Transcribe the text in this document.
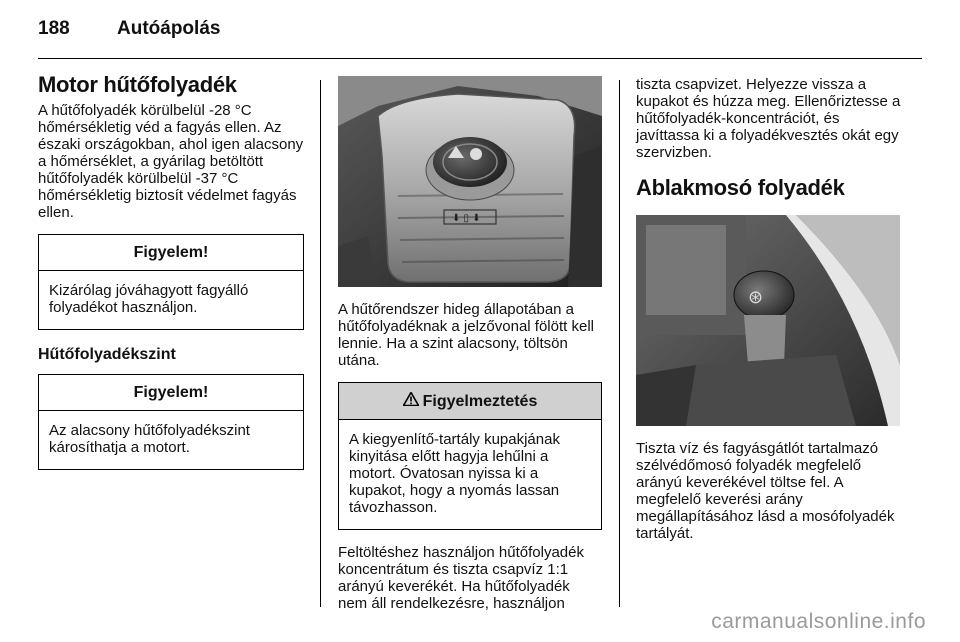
188 Autóápolás
Motor hűtőfolyadék

A hűtőfolyadék körülbelül -28 °C hőmérsékletig véd a fagyás ellen. Az északi országokban, ahol igen alacsony a hőmérséklet, a gyárilag betöltött hűtőfolyadék körülbelül -37 °C hőmérsékletig biztosít védelmet fagyás ellen.

Figyelem!
Kizárólag jóváhagyott fagyálló folyadékot használjon.
Hűtőfolyadékszint
Figyelem!
Az alacsony hűtőfolyadékszint károsíthatja a motort.
⬇ ▯ ⬇

A hűtőrendszer hideg állapotában a hűtőfolyadéknak a jelzővonal fölött kell lennie. Ha a szint alacsony, töltsön utána.

Figyelmeztetés
A kiegyenlítő-tartály kupakjának kinyitása előtt hagyja lehűlni a motort. Óvatosan nyissa ki a kupakot, hogy a nyomás lassan távozhasson.

Feltöltéshez használjon hűtőfolyadék koncentrátum és tiszta csapvíz 1:1 arányú keverékét. Ha hűtőfolyadék nem áll rendelkezésre, használjon

tiszta csapvizet. Helyezze vissza a kupakot és húzza meg. Ellenőriztesse a hűtőfolyadék-koncentrációt, és javíttassa ki a folyadékvesztés okát egy szervizben.

Ablakmosó folyadék
⊛

Tiszta víz és fagyásgátlót tartalmazó szélvédőmosó folyadék megfelelő arányú keverékével töltse fel. A megfelelő keverési arány megállapításához lásd a mosófolyadék tartályát.

carmanualsonline.info
